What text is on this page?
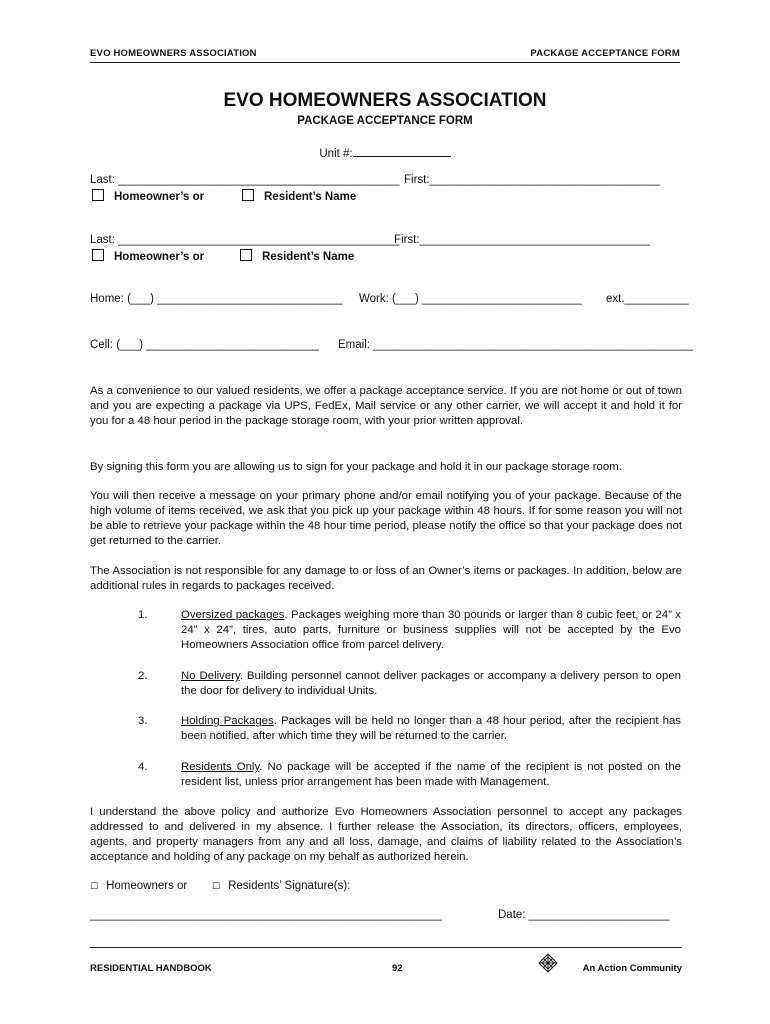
EVO HOMEOWNERS ASSOCIATION	PACKAGE ACCEPTANCE FORM
EVO HOMEOWNERS ASSOCIATION
PACKAGE ACCEPTANCE FORM
Unit #:
Last: ____________________________________________ First:____________________________________
Homeowner’s or	Resident’s Name
Last: ____________________________________________
First:____________________________________
Homeowner’s or	Resident’s Name
Home: (___) _____________________________ Work: (___) _________________________ ext.__________
Cell: (___) ___________________________ Email: __________________________________________________

As a convenience to our valued residents, we offer a package acceptance service. If you are not home or out of town and you are expecting a package via UPS, FedEx, Mail service or any other carrier, we will accept it and hold it for you for a 48 hour period in the package storage room, with your prior written approval.

By signing this form you are allowing us to sign for your package and hold it in our package storage room.

You will then receive a message on your primary phone and/or email notifying you of your package. Because of the high volume of items received, we ask that you pick up your package within 48 hours. If for some reason you will not be able to retrieve your package within the 48 hour time period, please notify the office so that your package does not get returned to the carrier.

The Association is not responsible for any damage to or loss of an Owner’s items or packages. In addition, below are additional rules in regards to packages received.

1.	Oversized packages. Packages weighing more than 30 pounds or larger than 8 cubic feet, or 24” x 24” x 24”, tires, auto parts, furniture or business supplies will not be accepted by the Evo Homeowners Association office from parcel delivery.
2.	No Delivery. Building personnel cannot deliver packages or accompany a delivery person to open the door for delivery to individual Units.
3.	Holding Packages. Packages will be held no longer than a 48 hour period, after the recipient has been notified, after which time they will be returned to the carrier.
4.	Residents Only. No package will be accepted if the name of the recipient is not posted on the resident list, unless prior arrangement has been made with Management.

I understand the above policy and authorize Evo Homeowners Association personnel to accept any packages addressed to and delivered in my absence. I further release the Association, its directors, officers, employees, agents, and property managers from any and all loss, damage, and claims of liability related to the Association’s acceptance and holding of any package on my behalf as authorized herein.

☐ Homeowners or	☐ Residents’ Signature(s):
_______________________________________________________	Date: ______________________
RESIDENTIAL HANDBOOK	92	An Action Community
